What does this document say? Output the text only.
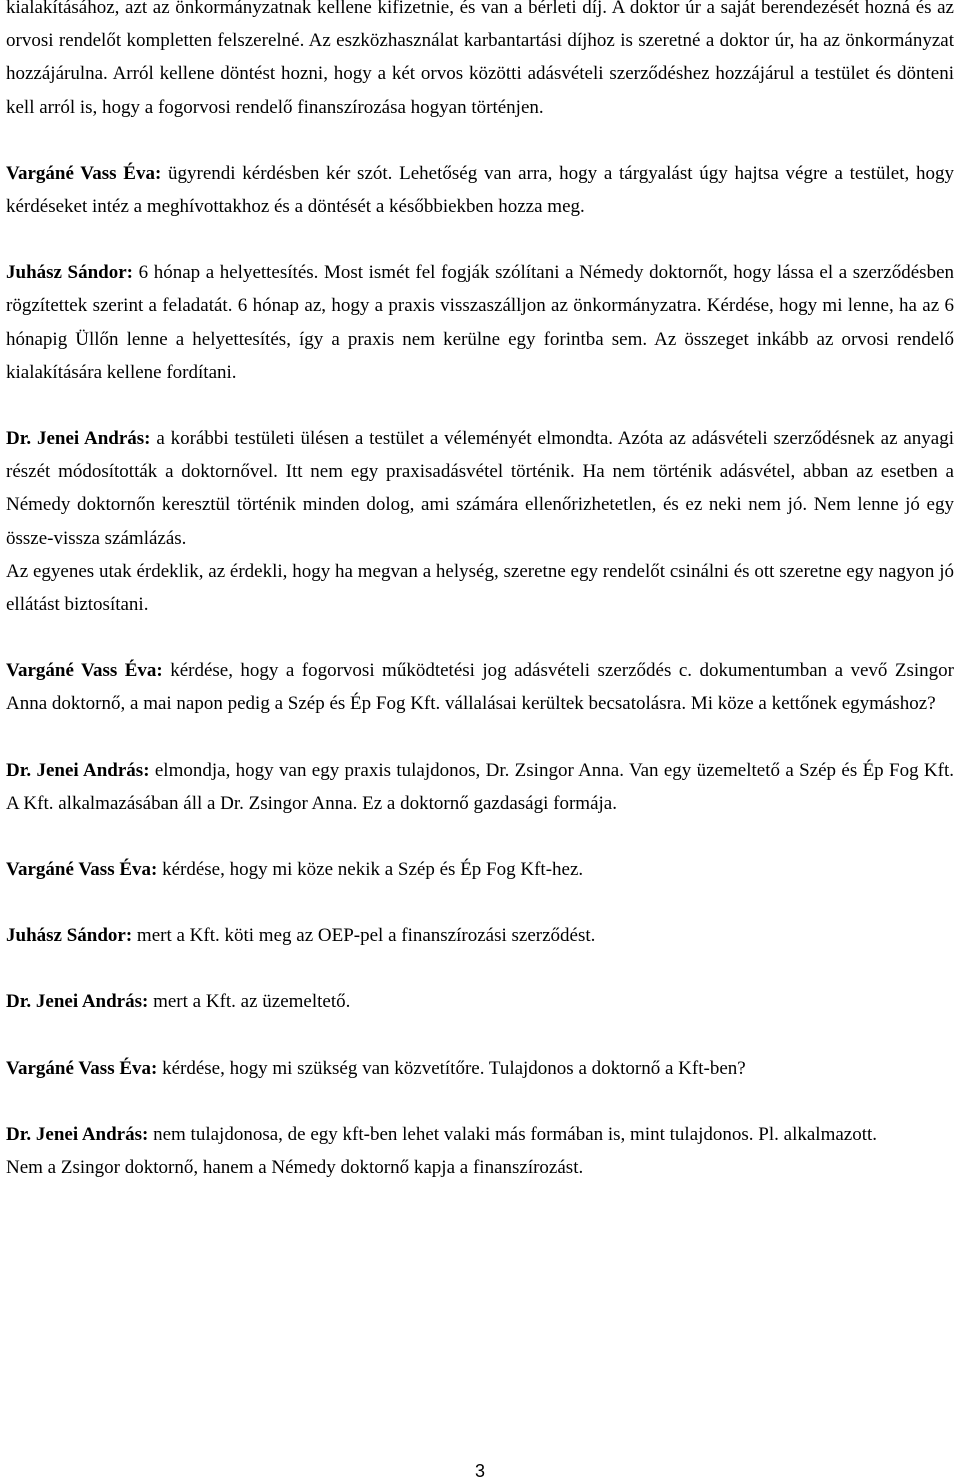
kialakításához, azt az önkormányzatnak kellene kifizetnie, és van a bérleti díj. A doktor úr a saját berendezését hozná és az orvosi rendelőt kompletten felszerelné. Az eszközhasználat karbantartási díjhoz is szeretné a doktor úr, ha az önkormányzat hozzájárulna. Arról kellene döntést hozni, hogy a két orvos közötti adásvételi szerződéshez hozzájárul a testület és dönteni kell arról is, hogy a fogorvosi rendelő finanszírozása hogyan történjen.

Vargáné Vass Éva: ügyrendi kérdésben kér szót. Lehetőség van arra, hogy a tárgyalást úgy hajtsa végre a testület, hogy kérdéseket intéz a meghívottakhoz és a döntését a későbbiekben hozza meg.

Juhász Sándor: 6 hónap a helyettesítés. Most ismét fel fogják szólítani a Némedy doktornőt, hogy lássa el a szerződésben rögzítettek szerint a feladatát. 6 hónap az, hogy a praxis visszaszálljon az önkormányzatra. Kérdése, hogy mi lenne, ha az 6 hónapig Üllőn lenne a helyettesítés, így a praxis nem kerülne egy forintba sem. Az összeget inkább az orvosi rendelő kialakítására kellene fordítani.

Dr. Jenei András: a korábbi testületi ülésen a testület a véleményét elmondta. Azóta az adásvételi szerződésnek az anyagi részét módosították a doktornővel. Itt nem egy praxisadásvétel történik. Ha nem történik adásvétel, abban az esetben a Némedy doktornőn keresztül történik minden dolog, ami számára ellenőrizhetetlen, és ez neki nem jó. Nem lenne jó egy össze-vissza számlázás.

Az egyenes utak érdeklik, az érdekli, hogy ha megvan a helység, szeretne egy rendelőt csinálni és ott szeretne egy nagyon jó ellátást biztosítani.

Vargáné Vass Éva: kérdése, hogy a fogorvosi működtetési jog adásvételi szerződés c. dokumentumban a vevő Zsingor Anna doktornő, a mai napon pedig a Szép és Ép Fog Kft. vállalásai kerültek becsatolásra. Mi köze a kettőnek egymáshoz?

Dr. Jenei András: elmondja, hogy van egy praxis tulajdonos, Dr. Zsingor Anna. Van egy üzemeltető a Szép és Ép Fog Kft. A Kft. alkalmazásában áll a Dr. Zsingor Anna. Ez a doktornő gazdasági formája.

Vargáné Vass Éva: kérdése, hogy mi köze nekik a Szép és Ép Fog Kft-hez.

Juhász Sándor: mert a Kft. köti meg az OEP-pel a finanszírozási szerződést.

Dr. Jenei András: mert a Kft. az üzemeltető.

Vargáné Vass Éva: kérdése, hogy mi szükség van közvetítőre. Tulajdonos a doktornő a Kft-ben?

Dr. Jenei András: nem tulajdonosa, de egy kft-ben lehet valaki más formában is, mint tulajdonos. Pl. alkalmazott.

Nem a Zsingor doktornő, hanem a Némedy doktornő kapja a finanszírozást.

3
